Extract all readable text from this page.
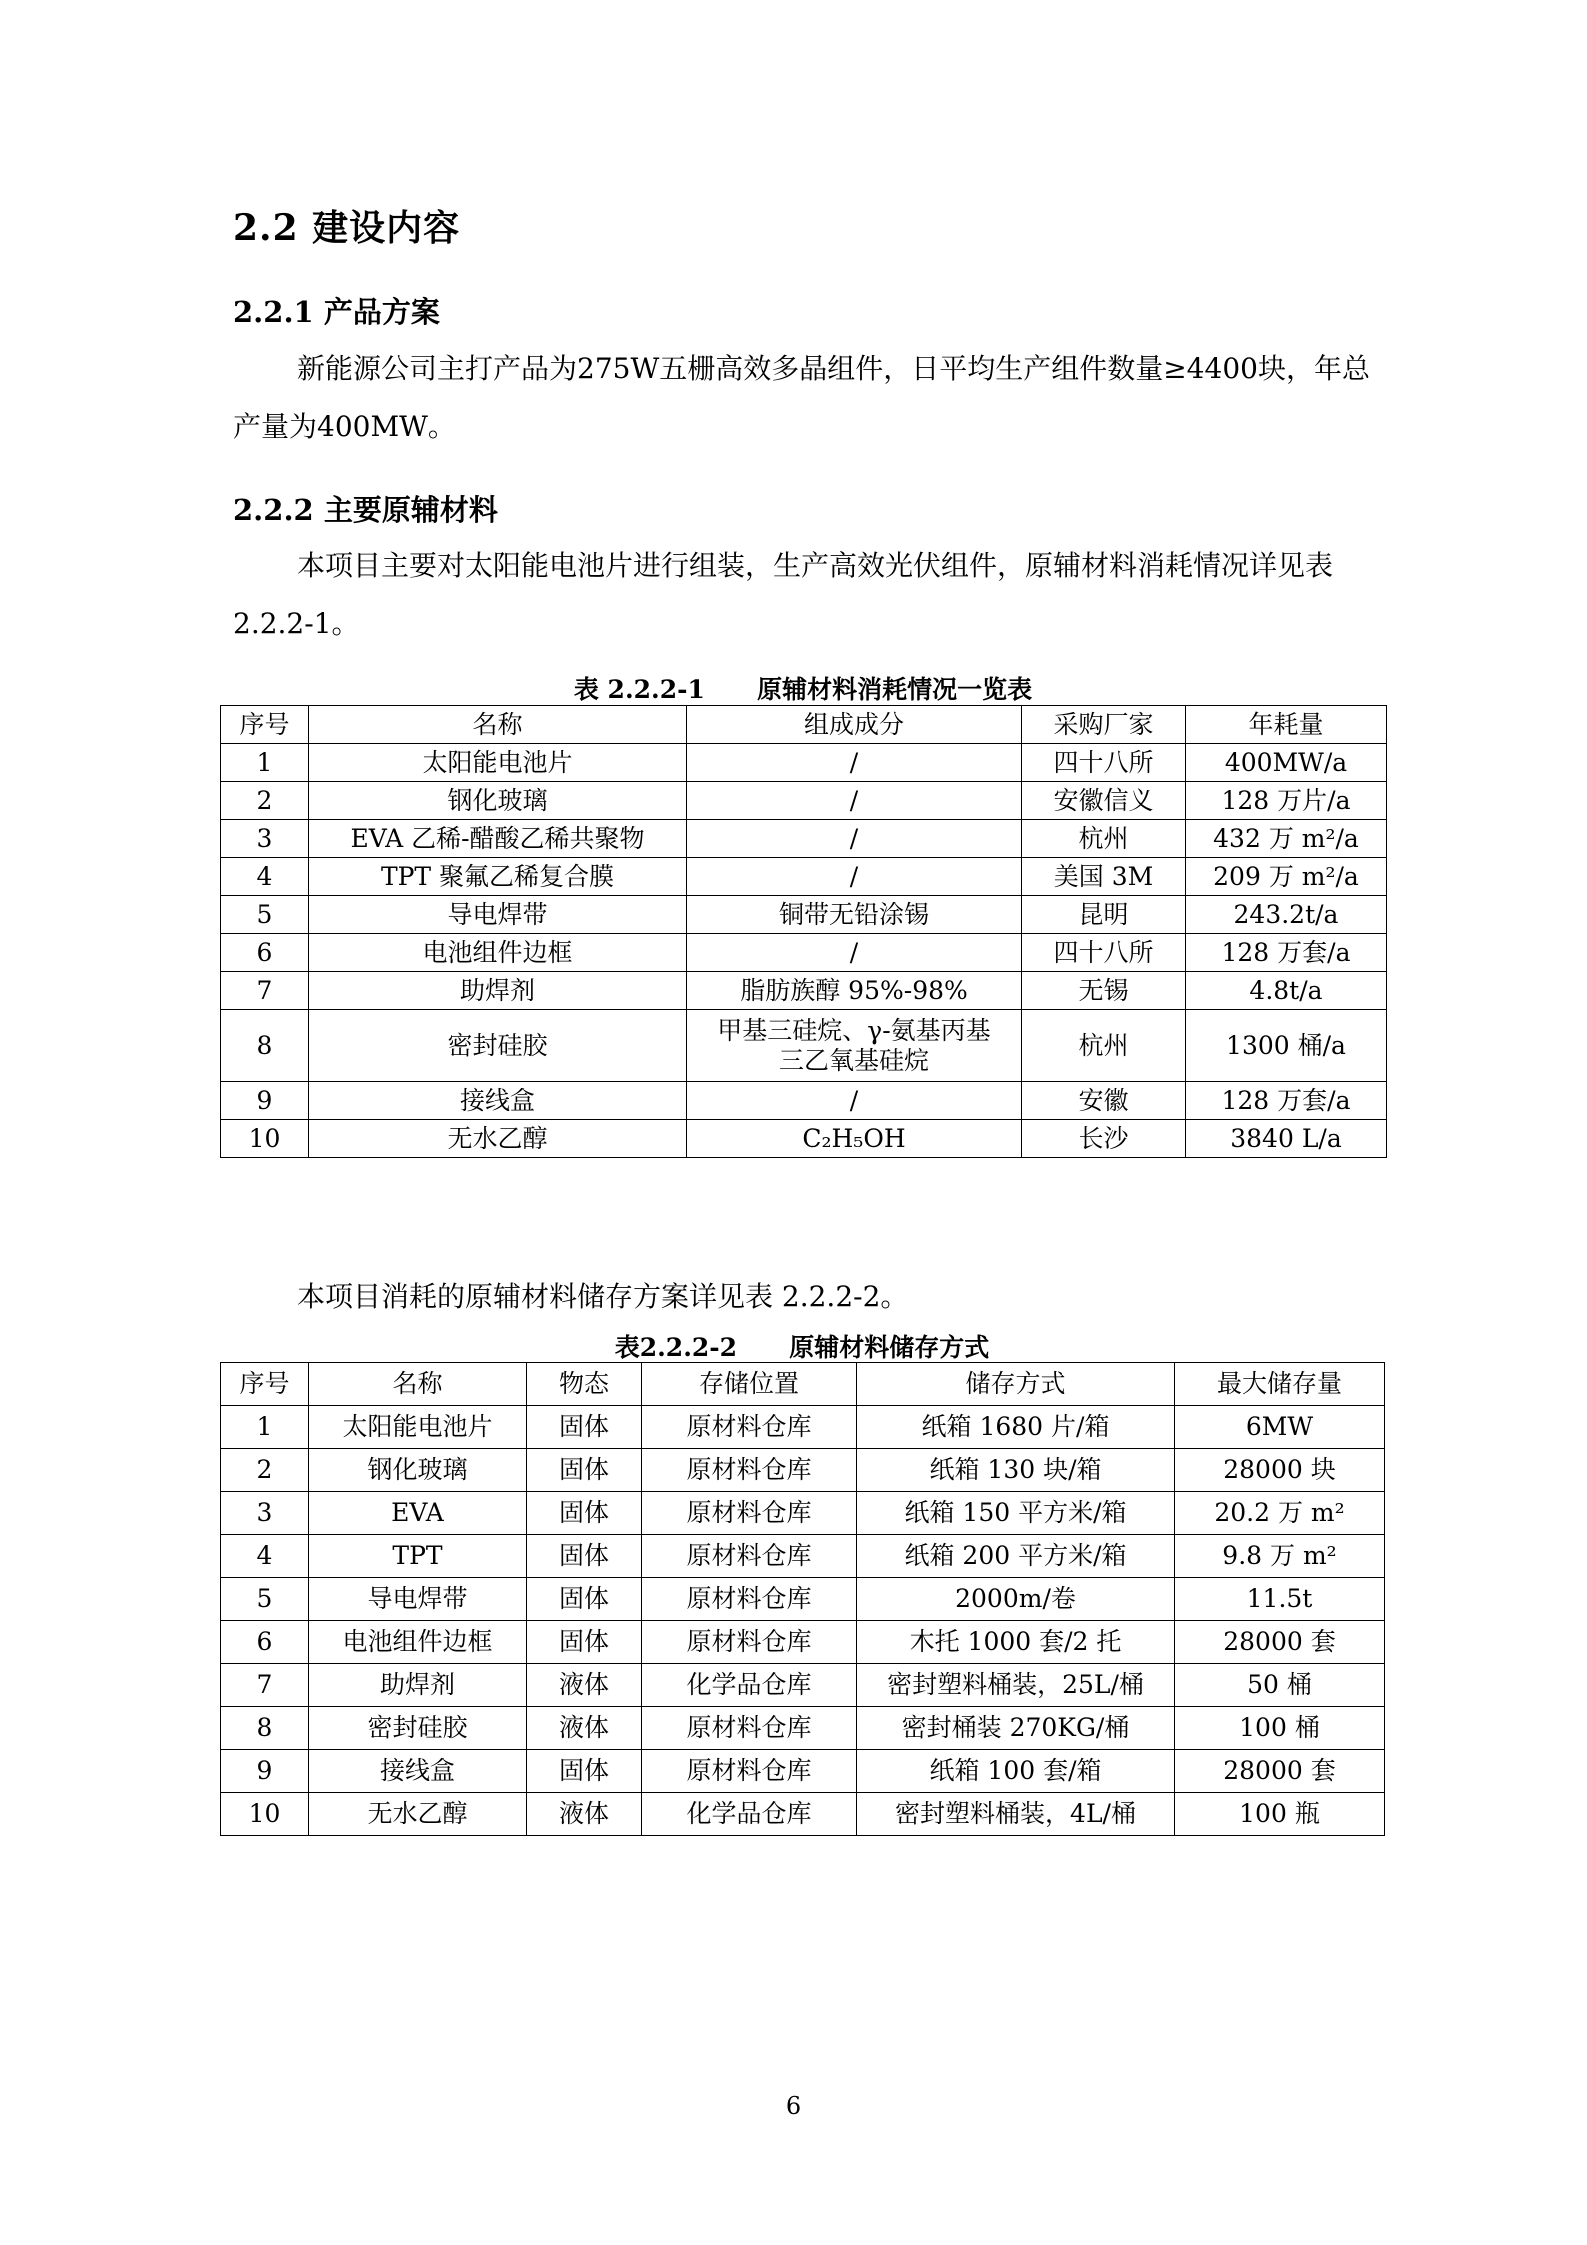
2.2 建设内容
2.2.1 产品方案

新能源公司主打产品为275W五栅高效多晶组件，日平均生产组件数量≥4400块，年总产量为400MW。

2.2.2 主要原辅材料

本项目主要对太阳能电池片进行组装，生产高效光伏组件，原辅材料消耗情况详见表2.2.2-1。

表 2.2.2-1      原辅材料消耗情况一览表
序号	名称	组成成分	采购厂家	年耗量
1	太阳能电池片	/	四十八所	400MW/a
2	钢化玻璃	/	安徽信义	128 万片/a
3	EVA 乙稀-醋酸乙稀共聚物	/	杭州	432 万 m²/a
4	TPT 聚氟乙稀复合膜	/	美国 3M	209 万 m²/a
5	导电焊带	铜带无铅涂锡	昆明	243.2t/a
6	电池组件边框	/	四十八所	128 万套/a
7	助焊剂	脂肪族醇 95%-98%	无锡	4.8t/a
8	密封硅胶	甲基三硅烷、γ-氨基丙基三乙氧基硅烷	杭州	1300 桶/a
9	接线盒	/	安徽	128 万套/a
10	无水乙醇	C₂H₅OH	长沙	3840 L/a

本项目消耗的原辅材料储存方案详见表 2.2.2-2。

表2.2.2-2      原辅材料储存方式
序号	名称	物态	存储位置	储存方式	最大储存量
1	太阳能电池片	固体	原材料仓库	纸箱 1680 片/箱	6MW
2	钢化玻璃	固体	原材料仓库	纸箱 130 块/箱	28000 块
3	EVA	固体	原材料仓库	纸箱 150 平方米/箱	20.2 万 m²
4	TPT	固体	原材料仓库	纸箱 200 平方米/箱	9.8 万 m²
5	导电焊带	固体	原材料仓库	2000m/卷	11.5t
6	电池组件边框	固体	原材料仓库	木托 1000 套/2 托	28000 套
7	助焊剂	液体	化学品仓库	密封塑料桶装，25L/桶	50 桶
8	密封硅胶	液体	原材料仓库	密封桶装 270KG/桶	100 桶
9	接线盒	固体	原材料仓库	纸箱 100 套/箱	28000 套
10	无水乙醇	液体	化学品仓库	密封塑料桶装，4L/桶	100 瓶
6
